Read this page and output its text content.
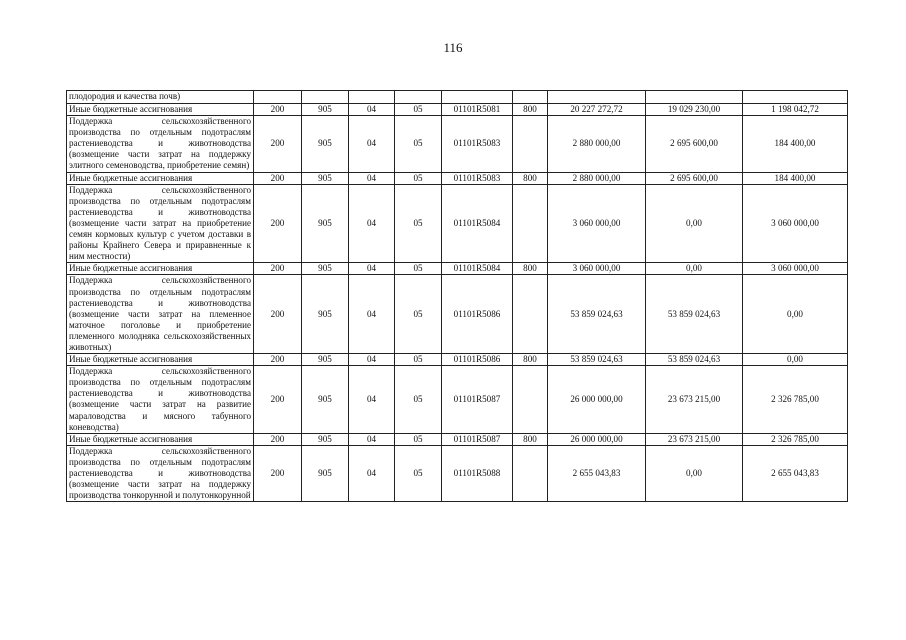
116
плодородия и качества почв)									
Иные бюджетные ассигнования	200	905	04	05	01101R5081	800	20 227 272,72	19 029 230,00	1 198 042,72
Поддержка сельскохозяйственного производства по отдельным подотраслям растениеводства и животноводства (возмещение части затрат на поддержку элитного семеноводства, приобретение семян)	200	905	04	05	01101R5083		2 880 000,00	2 695 600,00	184 400,00
Иные бюджетные ассигнования	200	905	04	05	01101R5083	800	2 880 000,00	2 695 600,00	184 400,00
Поддержка сельскохозяйственного производства по отдельным подотраслям растениеводства и животноводства (возмещение части затрат на приобретение семян кормовых культур с учетом доставки в районы Крайнего Севера и приравненные к ним местности)	200	905	04	05	01101R5084		3 060 000,00	0,00	3 060 000,00
Иные бюджетные ассигнования	200	905	04	05	01101R5084	800	3 060 000,00	0,00	3 060 000,00
Поддержка сельскохозяйственного производства по отдельным подотраслям растениеводства и животноводства (возмещение части затрат на племенное маточное поголовье и приобретение племенного молодняка сельскохозяйственных животных)	200	905	04	05	01101R5086		53 859 024,63	53 859 024,63	0,00
Иные бюджетные ассигнования	200	905	04	05	01101R5086	800	53 859 024,63	53 859 024,63	0,00
Поддержка сельскохозяйственного производства по отдельным подотраслям растениеводства и животноводства (возмещение части затрат на развитие мараловодства и мясного табунного коневодства)	200	905	04	05	01101R5087		26 000 000,00	23 673 215,00	2 326 785,00
Иные бюджетные ассигнования	200	905	04	05	01101R5087	800	26 000 000,00	23 673 215,00	2 326 785,00
Поддержка сельскохозяйственного производства по отдельным подотраслям растениеводства и животноводства (возмещение части затрат на поддержку производства тонкорунной и полутонкорунной	200	905	04	05	01101R5088		2 655 043,83	0,00	2 655 043,83
